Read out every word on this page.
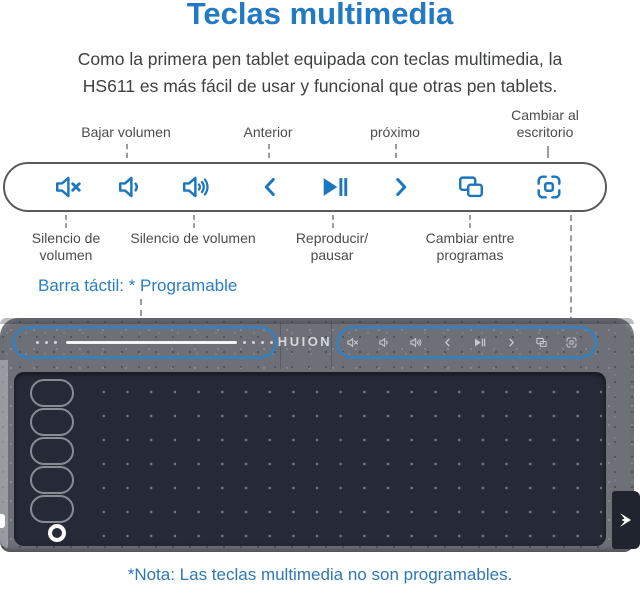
Teclas multimedia
Como la primera pen tablet equipada con teclas multimedia, la
HS611 es más fácil de usar y funcional que otras pen tablets.
Bajar volumen	Anterior	próximo
Cambiar al
escritorio
Silencio de
volumen
Silencio de volumen	Reproducir/
pausar
Cambiar entre
programas
Barra táctil: * Programable
HUION
*Nota: Las teclas multimedia no son programables.
